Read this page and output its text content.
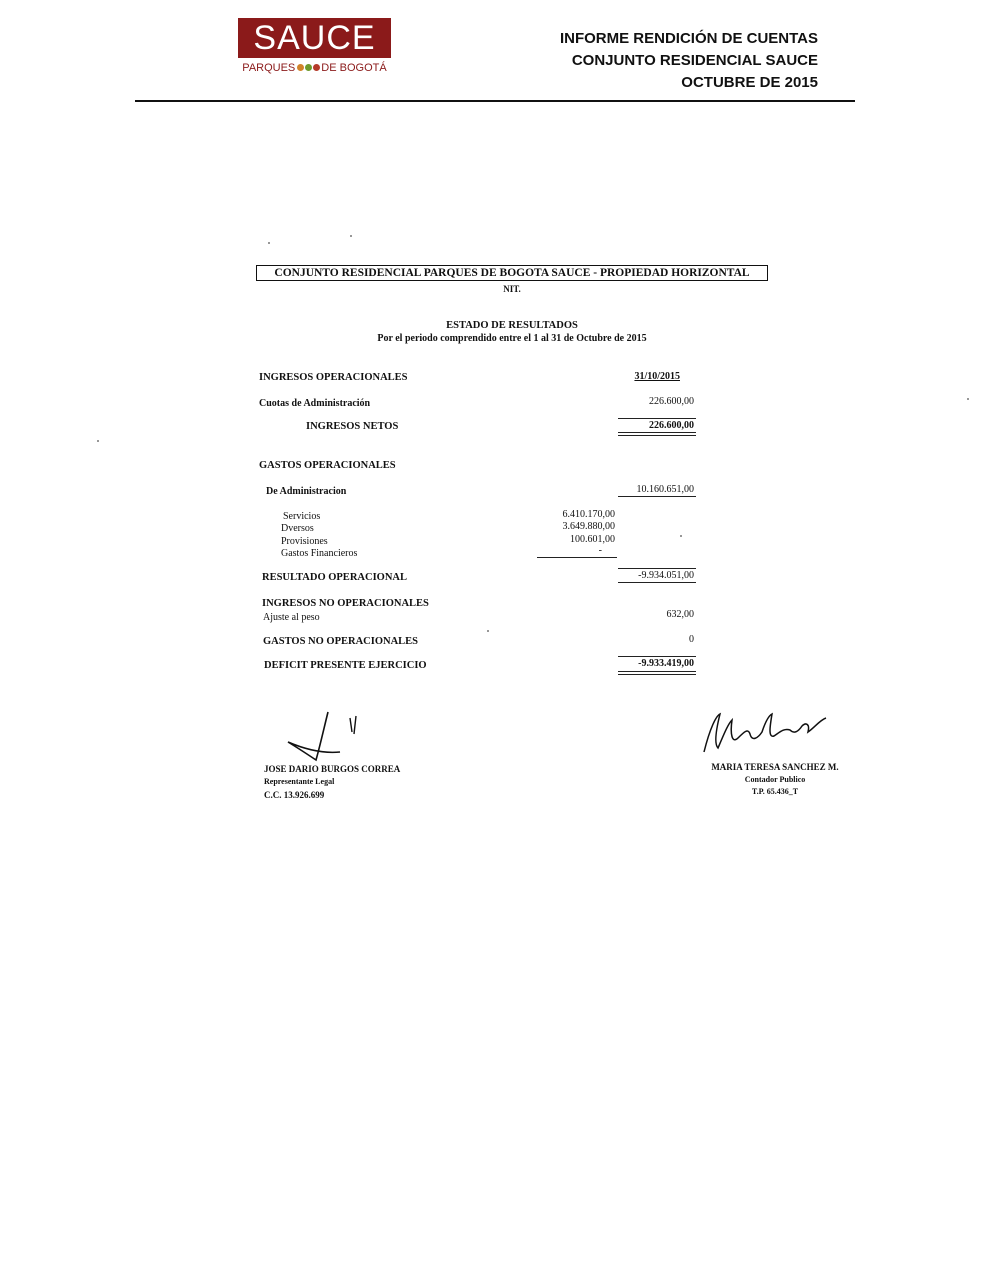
SAUCE
PARQUES DE BOGOTÁ
INFORME RENDICIÓN DE CUENTAS
CONJUNTO RESIDENCIAL SAUCE
OCTUBRE DE 2015
CONJUNTO RESIDENCIAL PARQUES DE BOGOTA SAUCE - PROPIEDAD HORIZONTAL
NIT.
ESTADO DE RESULTADOS
Por el periodo comprendido entre el 1 al 31 de Octubre de 2015
INGRESOS OPERACIONALES	31/10/2015
Cuotas de Administración	226.600,00
INGRESOS NETOS	226.600,00
GASTOS OPERACIONALES
De Administracion	10.160.651,00
Servicios	6.410.170,00
Dversos	3.649.880,00
Provisiones	100.601,00
Gastos Financieros	-
RESULTADO OPERACIONAL	-9.934.051,00
INGRESOS NO OPERACIONALES
Ajuste al peso	632,00
GASTOS NO OPERACIONALES	0
DEFICIT PRESENTE EJERCICIO	-9.933.419,00
JOSE DARIO BURGOS CORREA
Representante Legal
C.C. 13.926.699
MARIA TERESA SANCHEZ M.
Contador Publico
T.P. 65.436_T
